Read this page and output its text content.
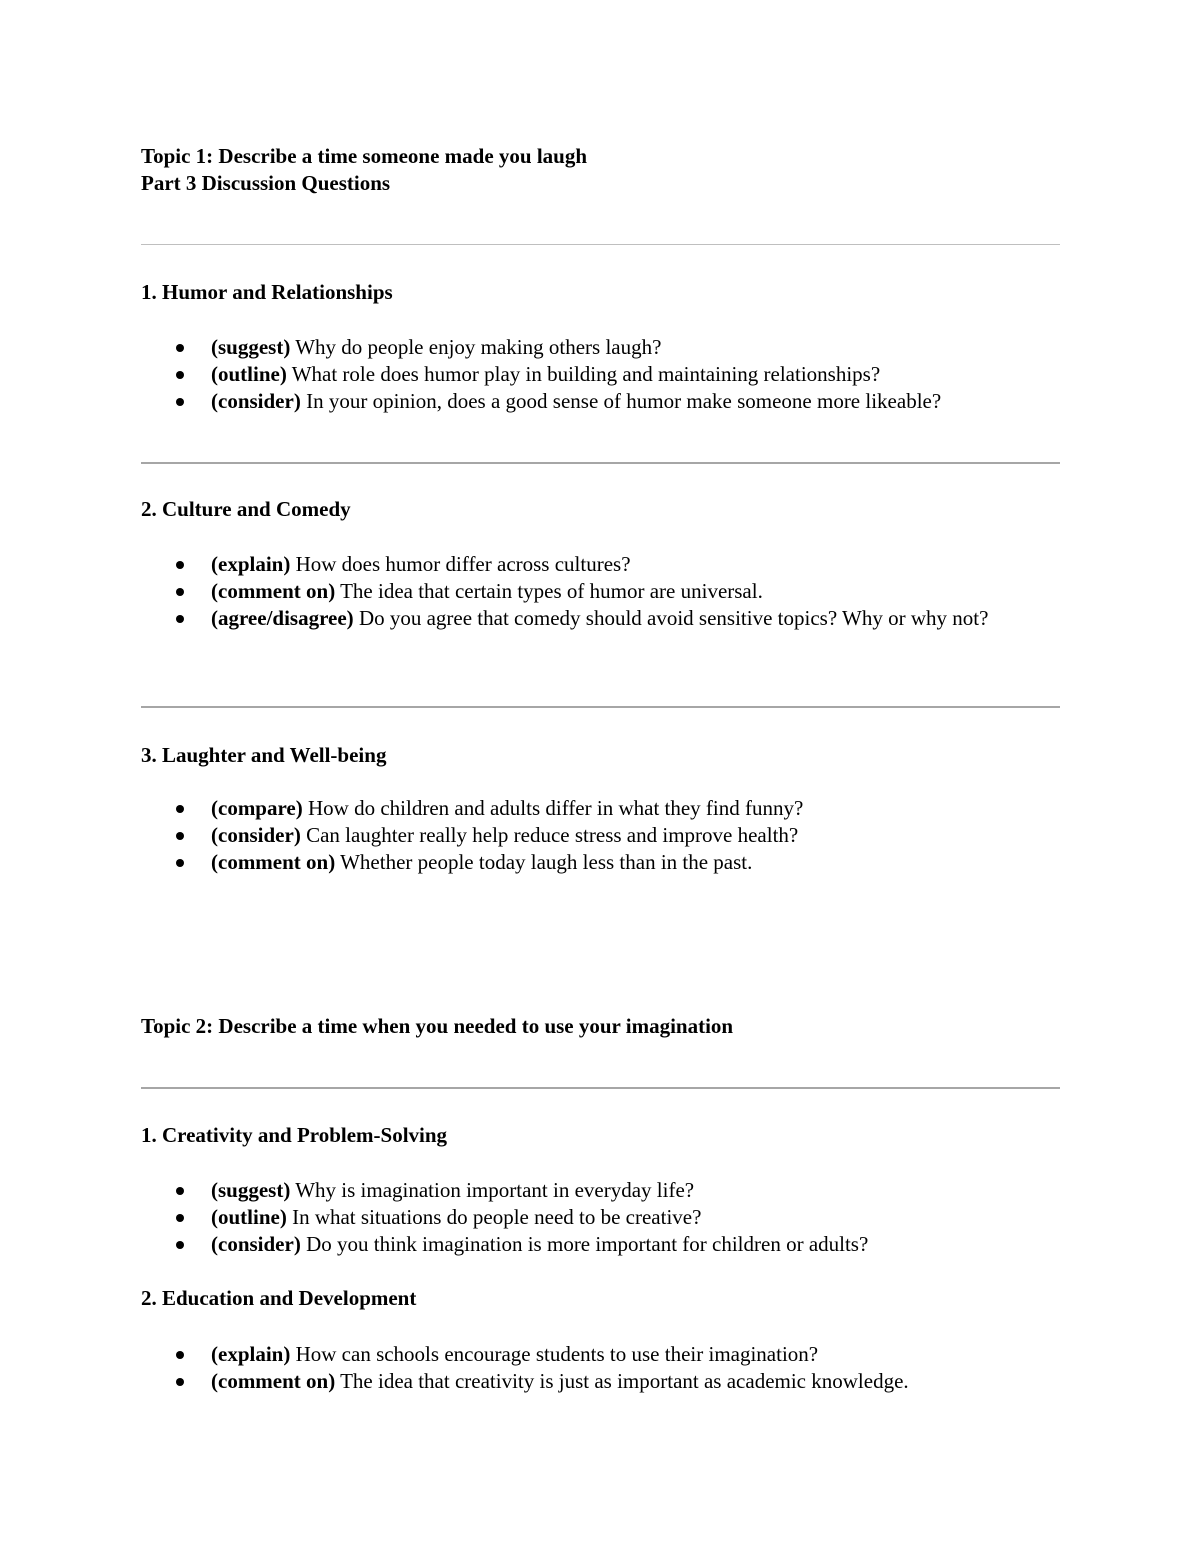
Topic 1: Describe a time someone made you laugh

Part 3 Discussion Questions

1. Humor and Relationships

(suggest) Why do people enjoy making others laugh?

(outline) What role does humor play in building and maintaining relationships?

(consider) In your opinion, does a good sense of humor make someone more likeable?

2. Culture and Comedy

(explain) How does humor differ across cultures?

(comment on) The idea that certain types of humor are universal.

(agree/disagree) Do you agree that comedy should avoid sensitive topics? Why or why not?

3. Laughter and Well-being

(compare) How do children and adults differ in what they find funny?

(consider) Can laughter really help reduce stress and improve health?

(comment on) Whether people today laugh less than in the past.

Topic 2: Describe a time when you needed to use your imagination

1. Creativity and Problem-Solving

(suggest) Why is imagination important in everyday life?

(outline) In what situations do people need to be creative?

(consider) Do you think imagination is more important for children or adults?

2. Education and Development

(explain) How can schools encourage students to use their imagination?

(comment on) The idea that creativity is just as important as academic knowledge.
